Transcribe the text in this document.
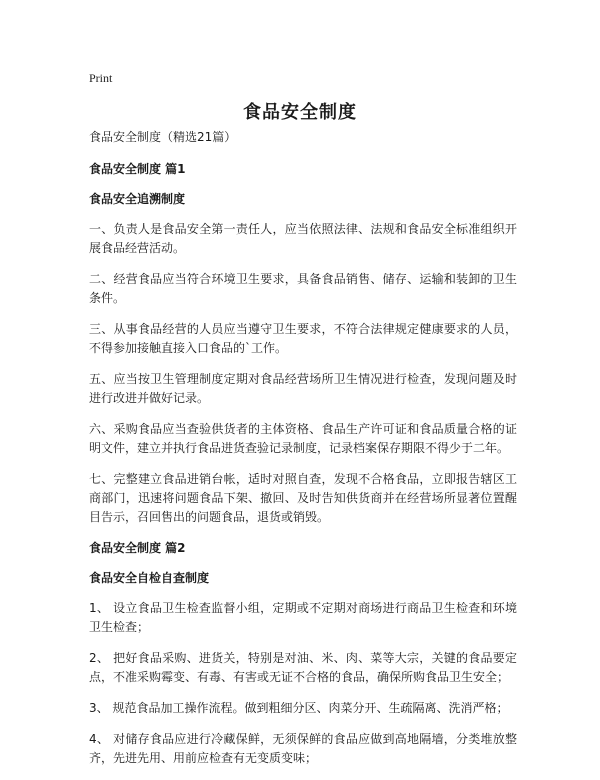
Print
食品安全制度
食品安全制度（精选21篇）
食品安全制度 篇1
食品安全追溯制度

一、负责人是食品安全第一责任人，应当依照法律、法规和食品安全标准组织开展食品经营活动。

二、经营食品应当符合环境卫生要求，具备食品销售、储存、运输和装卸的卫生条件。

三、从事食品经营的人员应当遵守卫生要求，不符合法律规定健康要求的人员，不得参加接触直接入口食品的`工作。

五、应当按卫生管理制度定期对食品经营场所卫生情况进行检查，发现问题及时进行改进并做好记录。

六、采购食品应当查验供货者的主体资格、食品生产许可证和食品质量合格的证明文件，建立并执行食品进货查验记录制度，记录档案保存期限不得少于二年。

七、完整建立食品进销台帐，适时对照自查，发现不合格食品，立即报告辖区工商部门，迅速将问题食品下架、撤回、及时告知供货商并在经营场所显著位置醒目告示，召回售出的问题食品，退货或销毁。

食品安全制度 篇2
食品安全自检自查制度

1、 设立食品卫生检查监督小组，定期或不定期对商场进行商品卫生检查和环境卫生检查；

2、 把好食品采购、进货关，特别是对油、米、肉、菜等大宗，关键的食品要定点，不准采购霉变、有毒、有害或无证不合格的食品，确保所购食品卫生安全；

3、 规范食品加工操作流程。做到粗细分区、肉菜分开、生疏隔离、洗消严格；

4、 对储存食品应进行冷藏保鲜，无须保鲜的食品应做到高地隔墙，分类堆放整齐，先进先用、用前应检查有无变质变味；
